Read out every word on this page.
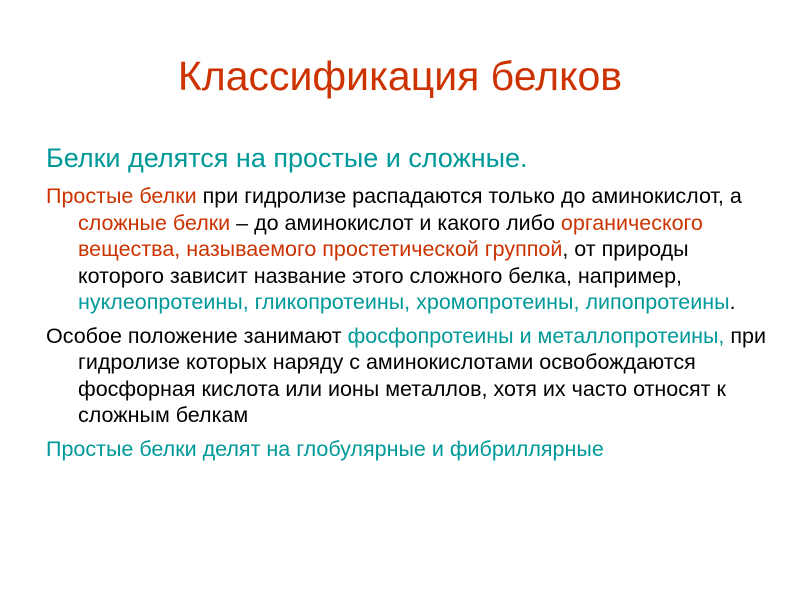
Классификация белков

Белки делятся на простые и сложные.

Простые белки при гидролизе распадаются только до аминокислот, а сложные белки – до аминокислот и какого либо органического вещества, называемого простетической группой, от природы которого зависит название этого сложного белка, например, нуклеопротеины, гликопротеины, хромопротеины, липопротеины.

Особое положение занимают фосфопротеины и металлопротеины, при гидролизе которых наряду с аминокислотами освобождаются фосфорная кислота или ионы металлов, хотя их часто относят к сложным белкам

Простые белки делят на глобулярные и фибриллярные
